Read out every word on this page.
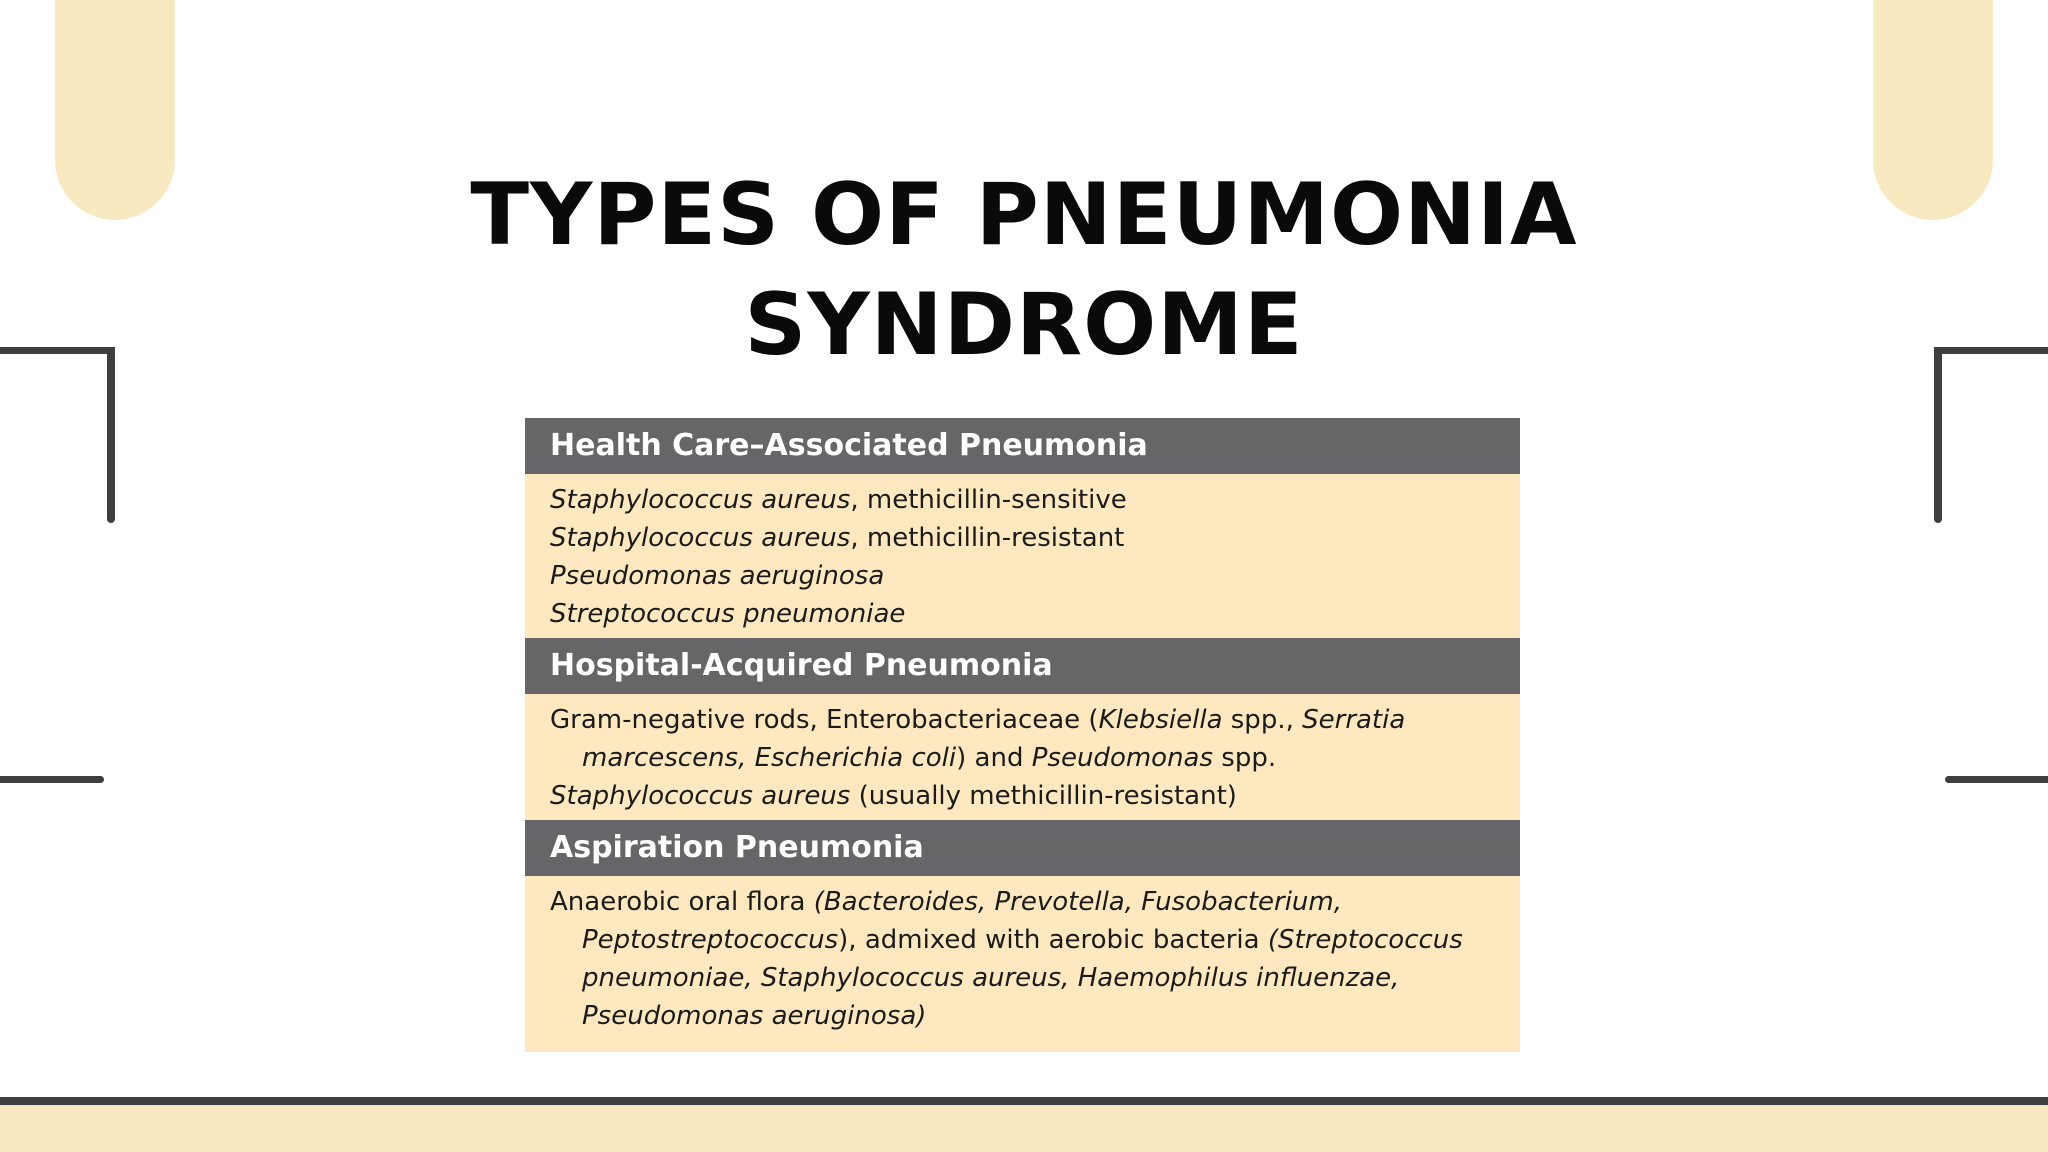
TYPES OF PNEUMONIA
SYNDROME
Health Care–Associated Pneumonia
Staphylococcus aureus, methicillin-sensitive
Staphylococcus aureus, methicillin-resistant
Pseudomonas aeruginosa
Streptococcus pneumoniae
Hospital-Acquired Pneumonia
Gram-negative rods, Enterobacteriaceae (Klebsiella spp., Serratia
marcescens, Escherichia coli) and Pseudomonas spp.
Staphylococcus aureus (usually methicillin-resistant)
Aspiration Pneumonia
Anaerobic oral flora (Bacteroides, Prevotella, Fusobacterium,
Peptostreptococcus), admixed with aerobic bacteria (Streptococcus
pneumoniae, Staphylococcus aureus, Haemophilus influenzae,
Pseudomonas aeruginosa)
